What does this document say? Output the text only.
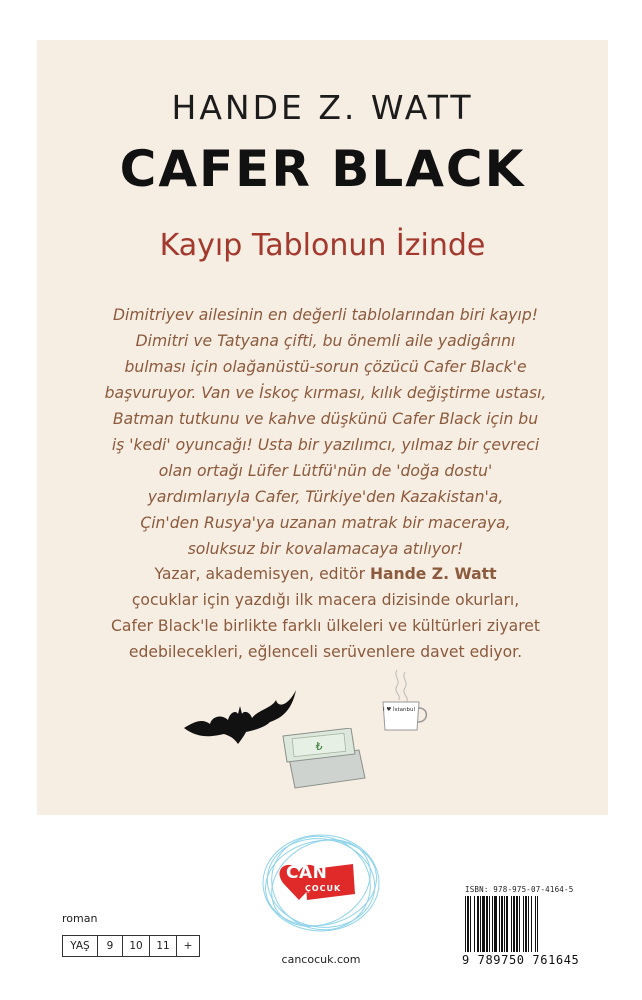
HANDE Z. WATT
CAFER BLACK
Kayıp Tablonun İzinde
Dimitriyev ailesinin en değerli tablolarından biri kayıp!
Dimitri ve Tatyana çifti, bu önemli aile yadigârını
bulması için olağanüstü-sorun çözücü Cafer Black'e
başvuruyor. Van ve İskoç kırması, kılık değiştirme ustası,
Batman tutkunu ve kahve düşkünü Cafer Black için bu
iş 'kedi' oyuncağı! Usta bir yazılımcı, yılmaz bir çevreci
olan ortağı Lüfer Lütfü'nün de 'doğa dostu'
yardımlarıyla Cafer, Türkiye'den Kazakistan'a,
Çin'den Rusya'ya uzanan matrak bir maceraya,
soluksuz bir kovalamacaya atılıyor!
Yazar, akademisyen, editör Hande Z. Watt
çocuklar için yazdığı ilk macera dizisinde okurları,
Cafer Black'le birlikte farklı ülkeleri ve kültürleri ziyaret
edebilecekleri, eğlenceli serüvenlere davet ediyor.
₺
I ♥ İstanbul
CAN
ÇOCUK
cancocuk.com
roman
YAŞ	9	10	11	+
ISBN: 978-975-07-4164-5
9 789750 761645
